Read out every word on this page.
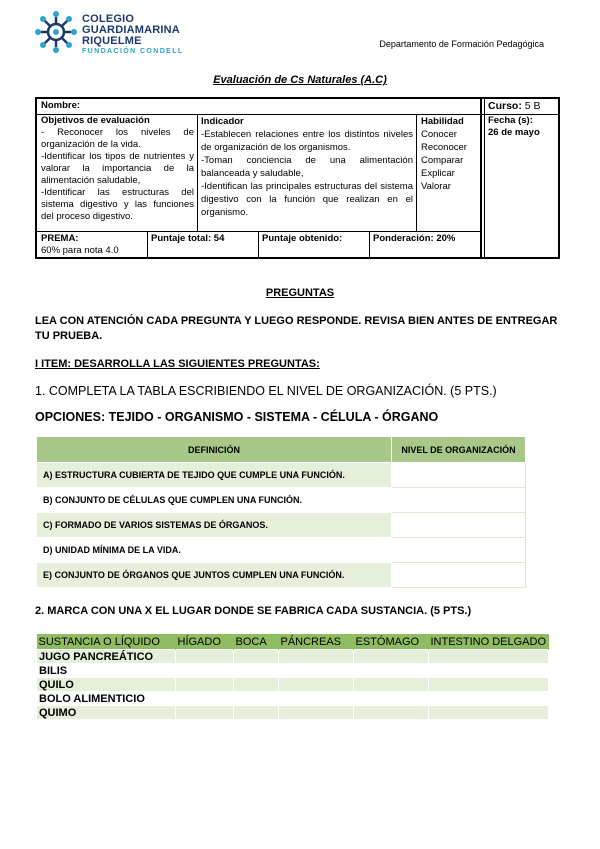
COLEGIO
GUARDIAMARINA
RIQUELME
FUNDACIÓN CONDELL
Departamento de Formación Pedagógica
Evaluación de Cs Naturales (A.C)
Nombre:	Curso: 5 B
Objetivos de evaluación
- Reconocer los niveles de organización de la vida.
-Identificar los tipos de nutrientes y valorar la importancia de la alimentación saludable,
-Identificar las estructuras del sistema digestivo y las funciones del proceso digestivo.
Indicador
-Establecen relaciones entre los distintos niveles de organización de los organismos.
-Toman conciencia de una alimentación balanceada y saludable,
-Identifican las principales estructuras del sistema digestivo con la función que realizan en el organismo.
Habilidad
Conocer
Reconocer
Comparar
Explicar
Valorar
Fecha (s):
26 de mayo
PREMA:
60% para nota 4.0
Puntaje total: 54	Puntaje obtenido:	Ponderación: 20%
PREGUNTAS
LEA CON ATENCIÓN CADA PREGUNTA Y LUEGO RESPONDE. REVISA BIEN ANTES DE ENTREGAR TU PRUEBA.
I ITEM: DESARROLLA LAS SIGUIENTES PREGUNTAS:
1. COMPLETA LA TABLA ESCRIBIENDO EL NIVEL DE ORGANIZACIÓN. (5 PTS.)
OPCIONES: TEJIDO - ORGANISMO - SISTEMA - CÉLULA - ÓRGANO
DEFINICIÓN	NIVEL DE ORGANIZACIÓN
A) ESTRUCTURA CUBIERTA DE TEJIDO QUE CUMPLE UNA FUNCIÓN.	
B) CONJUNTO DE CÉLULAS QUE CUMPLEN UNA FUNCIÓN.	
C) FORMADO DE VARIOS SISTEMAS DE ÓRGANOS.	
D) UNIDAD MÍNIMA DE LA VIDA.	
E) CONJUNTO DE ÓRGANOS QUE JUNTOS CUMPLEN UNA FUNCIÓN.	
2. MARCA CON UNA X EL LUGAR DONDE SE FABRICA CADA SUSTANCIA. (5 PTS.)
SUSTANCIA O LÍQUIDO	HÍGADO	BOCA	PÁNCREAS	ESTÓMAGO	INTESTINO DELGADO
JUGO PANCREÁTICO					
BILIS					
QUILO					
BOLO ALIMENTICIO					
QUIMO					
